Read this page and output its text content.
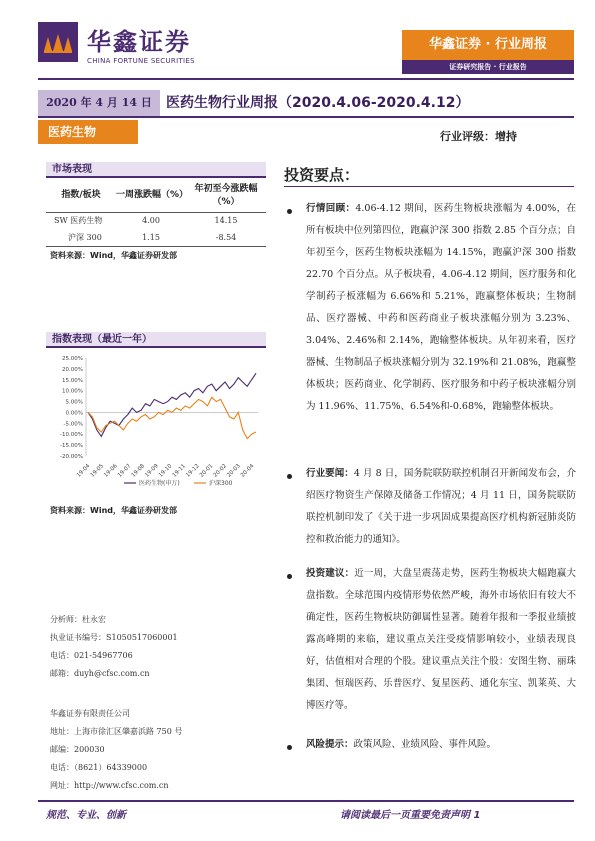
华鑫证券
CHINA FORTUNE SECURITIES
华鑫证券 · 行业周报
证券研究报告 · 行业报告
2020 年 4 月 14 日	医药生物行业周报（2020.4.06-2020.4.12）
医药生物	行业评级：增持
市场表现
指数/板块	一周涨跌幅（%）	年初至今涨跌幅（%）
SW 医药生物	4.00	14.15
沪深 300	1.15	-8.54
资料来源：Wind，华鑫证券研发部
指数表现（最近一年）
25.00%
20.00%
15.00%
10.00%
5.00%
0.00%
-5.00%
-10.00%
-15.00%
-20.00%
19-04
19-05
19-06
19-07
19-08
19-09
19-10
19-11
19-12
20-01
20-02
20-03
20-04
医药生物(申万)	沪深300
资料来源：Wind，华鑫证券研发部
分析师：杜永宏
执业证书编号：S1050517060001
电话：021-54967706
邮箱：duyh@cfsc.com.cn
华鑫证券有限责任公司
地址：上海市徐汇区肇嘉浜路 750 号
邮编：200030
电话：（8621）64339000
网址：http://www.cfsc.com.cn
投资要点：
行情回顾：4.06-4.12 期间，医药生物板块涨幅为 4.00%，在所有板块中位列第四位，跑赢沪深 300 指数 2.85 个百分点；自年初至今，医药生物板块涨幅为 14.15%，跑赢沪深 300 指数 22.70 个百分点。从子板块看，4.06-4.12 期间，医疗服务和化学制药子板涨幅为 6.66%和 5.21%，跑赢整体板块；生物制品、医疗器械、中药和医药商业子板块涨幅分别为 3.23%、3.04%、2.46%和 2.14%，跑输整体板块。从年初来看，医疗器械、生物制品子板块涨幅分别为 32.19%和 21.08%，跑赢整体板块；医药商业、化学制药、医疗服务和中药子板块涨幅分别为 11.96%、11.75%、6.54%和-0.68%，跑输整体板块。
行业要闻：4 月 8 日，国务院联防联控机制召开新闻发布会，介绍医疗物资生产保障及储备工作情况；4 月 11 日，国务院联防联控机制印发了《关于进一步巩固成果提高医疗机构新冠肺炎防控和救治能力的通知》。
投资建议：近一周，大盘呈震荡走势，医药生物板块大幅跑赢大盘指数。全球范围内疫情形势依然严峻，海外市场依旧有较大不确定性，医药生物板块防御属性显著。随着年报和一季报业绩披露高峰期的来临，建议重点关注受疫情影响较小，业绩表现良好，估值相对合理的个股。建议重点关注个股：安图生物、丽珠集团、恒瑞医药、乐普医疗、复星医药、通化东宝、凯莱英、大博医疗等。
风险提示：政策风险、业绩风险、事件风险。
规范、专业、创新	请阅读最后一页重要免责声明 1
